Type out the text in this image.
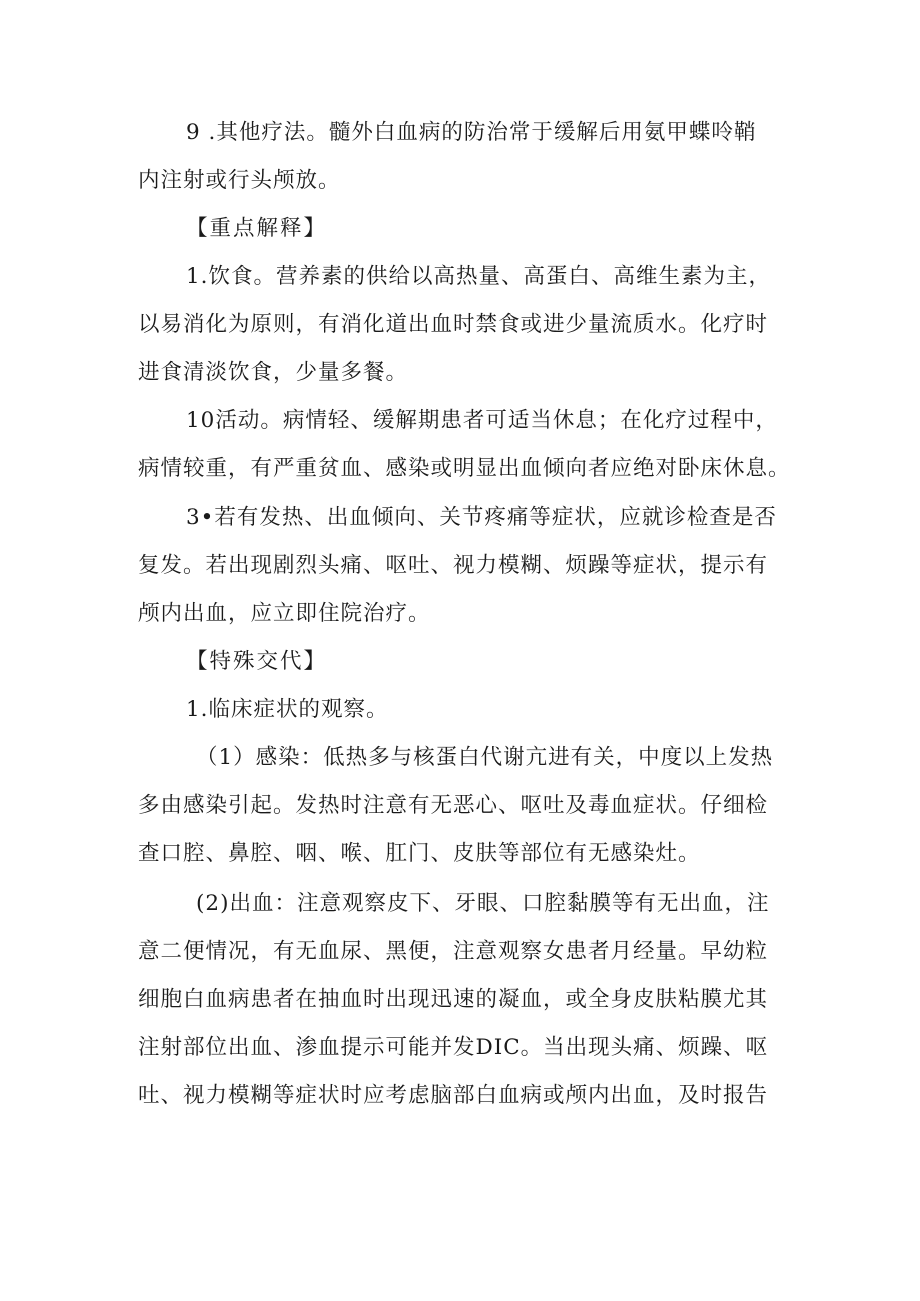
9 .其他疗法。髓外白血病的防治常于缓解后用氨甲蝶呤鞘
内注射或行头颅放。
【重点解释】
1.饮食。营养素的供给以高热量、高蛋白、高维生素为主，
以易消化为原则，有消化道出血时禁食或进少量流质水。化疗时
进食清淡饮食，少量多餐。
10活动。病情轻、缓解期患者可适当休息；在化疗过程中，
病情较重，有严重贫血、感染或明显出血倾向者应绝对卧床休息。
3•若有发热、出血倾向、关节疼痛等症状，应就诊检查是否
复发。若出现剧烈头痛、呕吐、视力模糊、烦躁等症状，提示有
颅内出血，应立即住院治疗。
【特殊交代】
1.临床症状的观察。
（1）感染：低热多与核蛋白代谢亢进有关，中度以上发热
多由感染引起。发热时注意有无恶心、呕吐及毒血症状。仔细检
查口腔、鼻腔、咽、喉、肛门、皮肤等部位有无感染灶。
(2)出血：注意观察皮下、牙眼、口腔黏膜等有无出血，注
意二便情况，有无血尿、黑便，注意观察女患者月经量。早幼粒
细胞白血病患者在抽血时出现迅速的凝血，或全身皮肤粘膜尤其
注射部位出血、渗血提示可能并发DIC。当出现头痛、烦躁、呕
吐、视力模糊等症状时应考虑脑部白血病或颅内出血，及时报告
